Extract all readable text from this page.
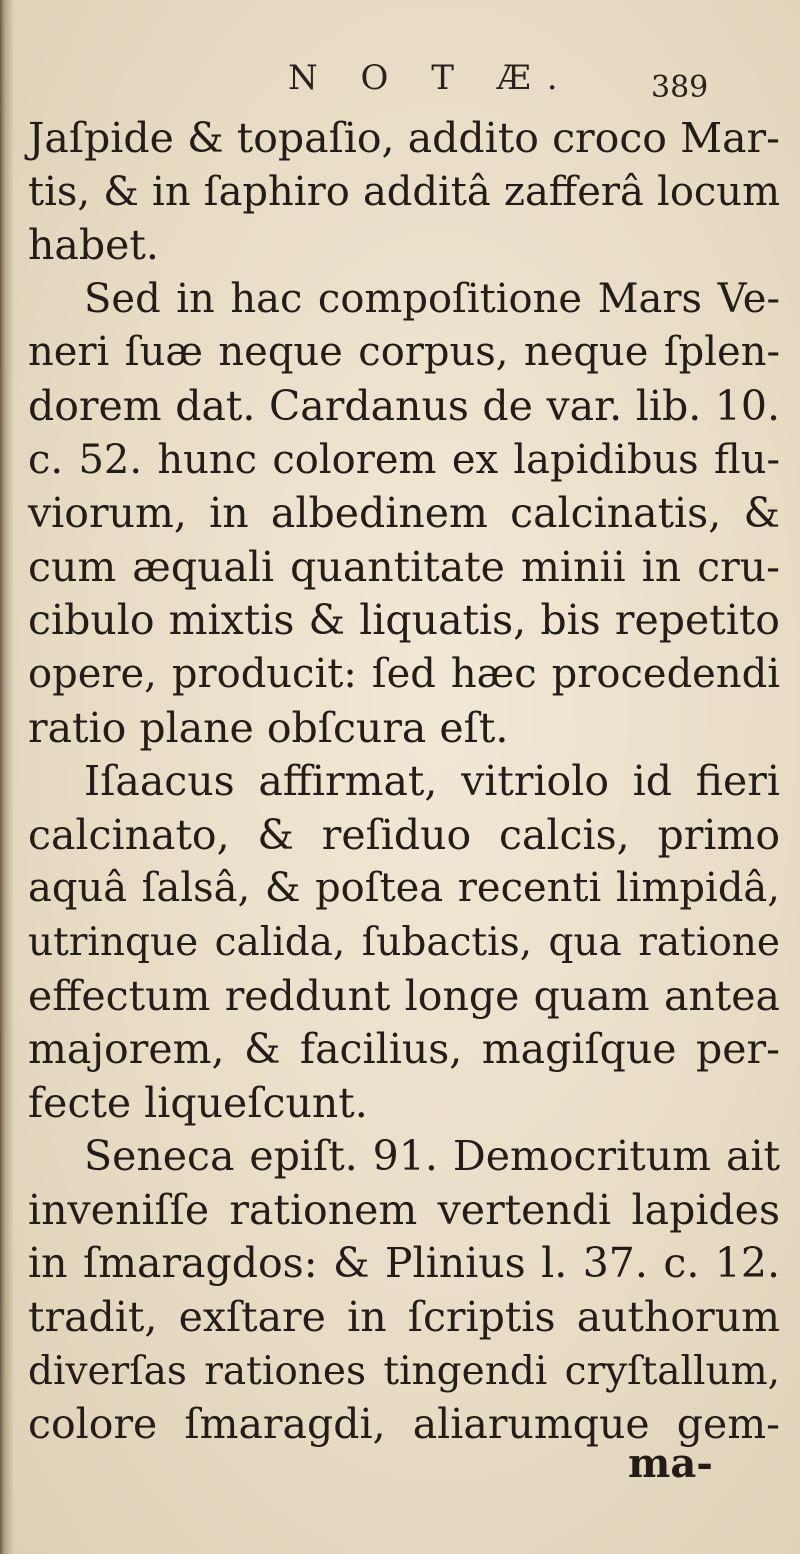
N O T Æ.	389
Jaſpide & topaſio, addito croco Mar-
tis, & in ſaphiro additâ zafferâ locum
habet.
Sed in hac compoſitione Mars Ve-
neri ſuæ neque corpus, neque ſplen-
dorem dat. Cardanus de var. lib. 10.
c. 52. hunc colorem ex lapidibus flu-
viorum, in albedinem calcinatis, &
cum æquali quantitate minii in cru-
cibulo mixtis & liquatis, bis repetito
opere, producit: ſed hæc procedendi
ratio plane obſcura eſt.
Iſaacus affirmat, vitriolo id fieri
calcinato, & reſiduo calcis, primo
aquâ ſalsâ, & poſtea recenti limpidâ,
utrinque calida, ſubactis, qua ratione
effectum reddunt longe quam antea
majorem, & facilius, magiſque per-
fecte liqueſcunt.
Seneca epiſt. 91. Democritum ait
inveniſſe rationem vertendi lapides
in ſmaragdos: & Plinius l. 37. c. 12.
tradit, exſtare in ſcriptis authorum
diverſas rationes tingendi cryſtallum,
colore ſmaragdi, aliarumque gem-
ma-
